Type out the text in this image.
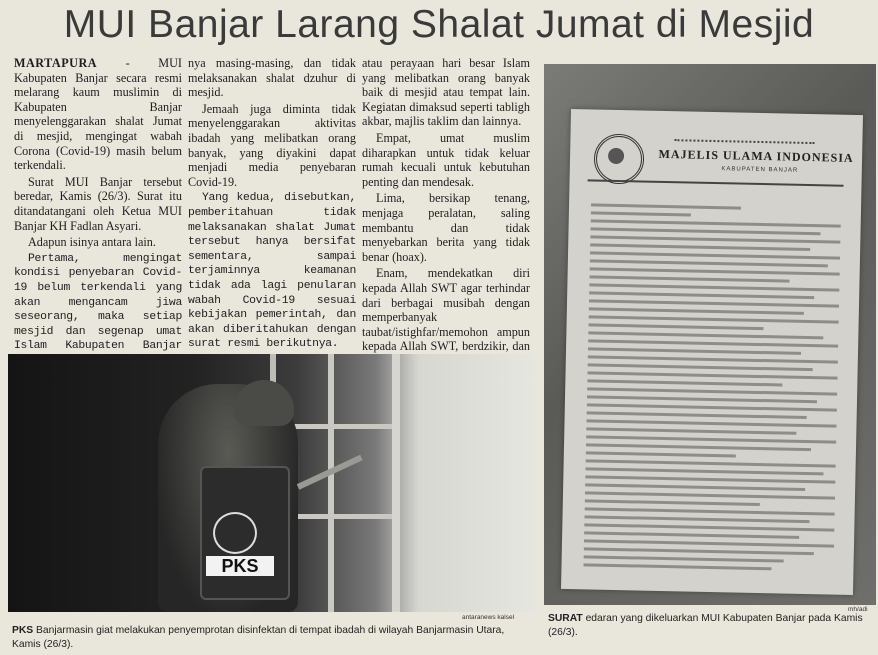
MUI Banjar Larang Shalat Jumat di Mesjid

MARTAPURA - MUI Kabupaten Banjar secara resmi melarang kaum muslimin di Kabupaten Banjar menyelenggarakan shalat Jumat di mesjid, mengingat wabah Corona (Covid-19) masih belum terkendali.

Surat MUI Banjar tersebut beredar, Kamis (26/3). Surat itu ditandatangani oleh Ketua MUI Banjar KH Fadlan Asyari.

Adapun isinya antara lain.

Pertama, mengingat kondisi penyebaran Covid-19 belum terkendali yang akan mengancam jiwa seseorang, maka setiap mesjid dan segenap umat Islam Kabupaten Banjar

nya masing-masing, dan tidak melaksanakan shalat dzuhur di mesjid.

Jemaah juga diminta tidak menyelenggarakan aktivitas ibadah yang melibatkan orang banyak, yang diyakini dapat menjadi media penyebaran Covid-19.

Yang kedua, disebutkan, pemberitahuan tidak melaksanakan shalat Jumat tersebut hanya bersifat sementara, sampai terjaminnya keamanan tidak ada lagi penularan wabah Covid-19 sesuai kebijakan pemerintah, dan akan diberitahukan dengan surat resmi berikutnya.

atau perayaan hari besar Islam yang melibatkan orang banyak baik di mesjid atau tempat lain. Kegiatan dimaksud seperti tabligh akbar, majlis taklim dan lainnya.

Empat, umat muslim diharapkan untuk tidak keluar rumah kecuali untuk kebutuhan penting dan mendesak.

Lima, bersikap tenang, menjaga peralatan, saling membantu dan tidak menyebarkan berita yang tidak benar (hoax).

Enam, mendekatkan diri kepada Allah SWT agar terhindar dari berbagai musibah dengan memperbanyak taubat/istighfar/memohon ampun kepada Allah SWT, berdzikir, dan

PKS
antaranews kalsel
MAJELIS ULAMA INDONESIA
KABUPATEN BANJAR
mh/adi
PKS Banjarmasin giat melakukan penyemprotan disinfektan di tempat ibadah di wilayah Banjarmasin Utara, Kamis (26/3).
SURAT edaran yang dikeluarkan MUI Kabupaten Banjar pada Kamis (26/3).
